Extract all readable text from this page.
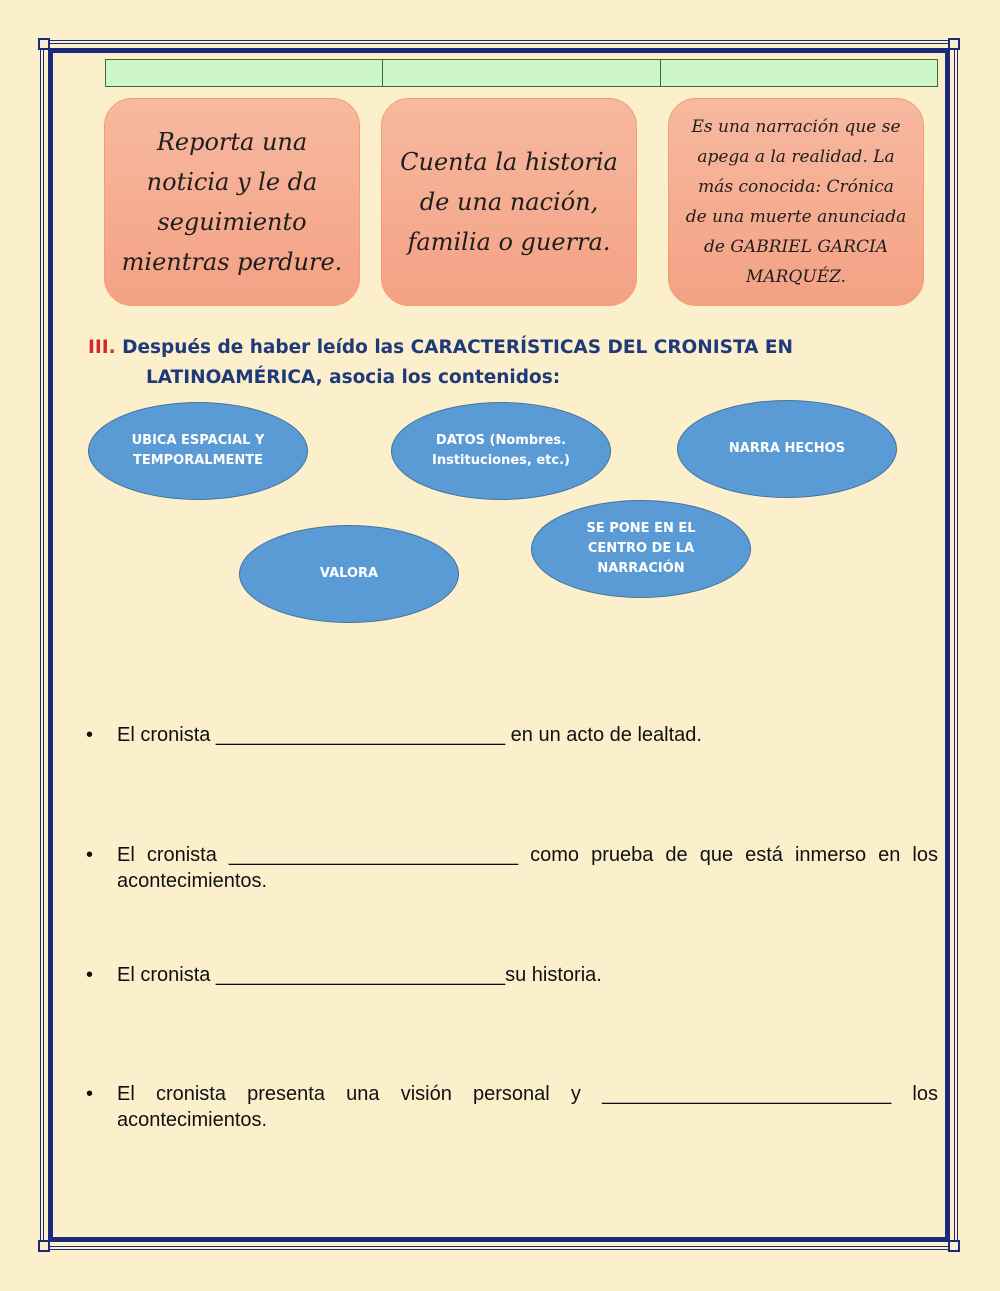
Reporta una noticia y le da seguimiento mientras perdure.
Cuenta la historia de una nación, familia o guerra.
Es una narración que se apega a la realidad. La más conocida: Crónica de una muerte anunciada de GABRIEL GARCIA MARQUÉZ.
III. Después de haber leído las CARACTERÍSTICAS DEL CRONISTA EN
LATINOAMÉRICA, asocia los contenidos:
UBICA ESPACIAL Y TEMPORALMENTE
DATOS (Nombres. Instituciones, etc.)
NARRA HECHOS
VALORA
SE PONE EN EL CENTRO DE LA NARRACIÓN
• El cronista __________________________ en un acto de lealtad.
• El cronista __________________________ como prueba de que está inmerso en los
acontecimientos.
• El cronista __________________________su historia.
• El cronista presenta una visión personal y __________________________ los
acontecimientos.
